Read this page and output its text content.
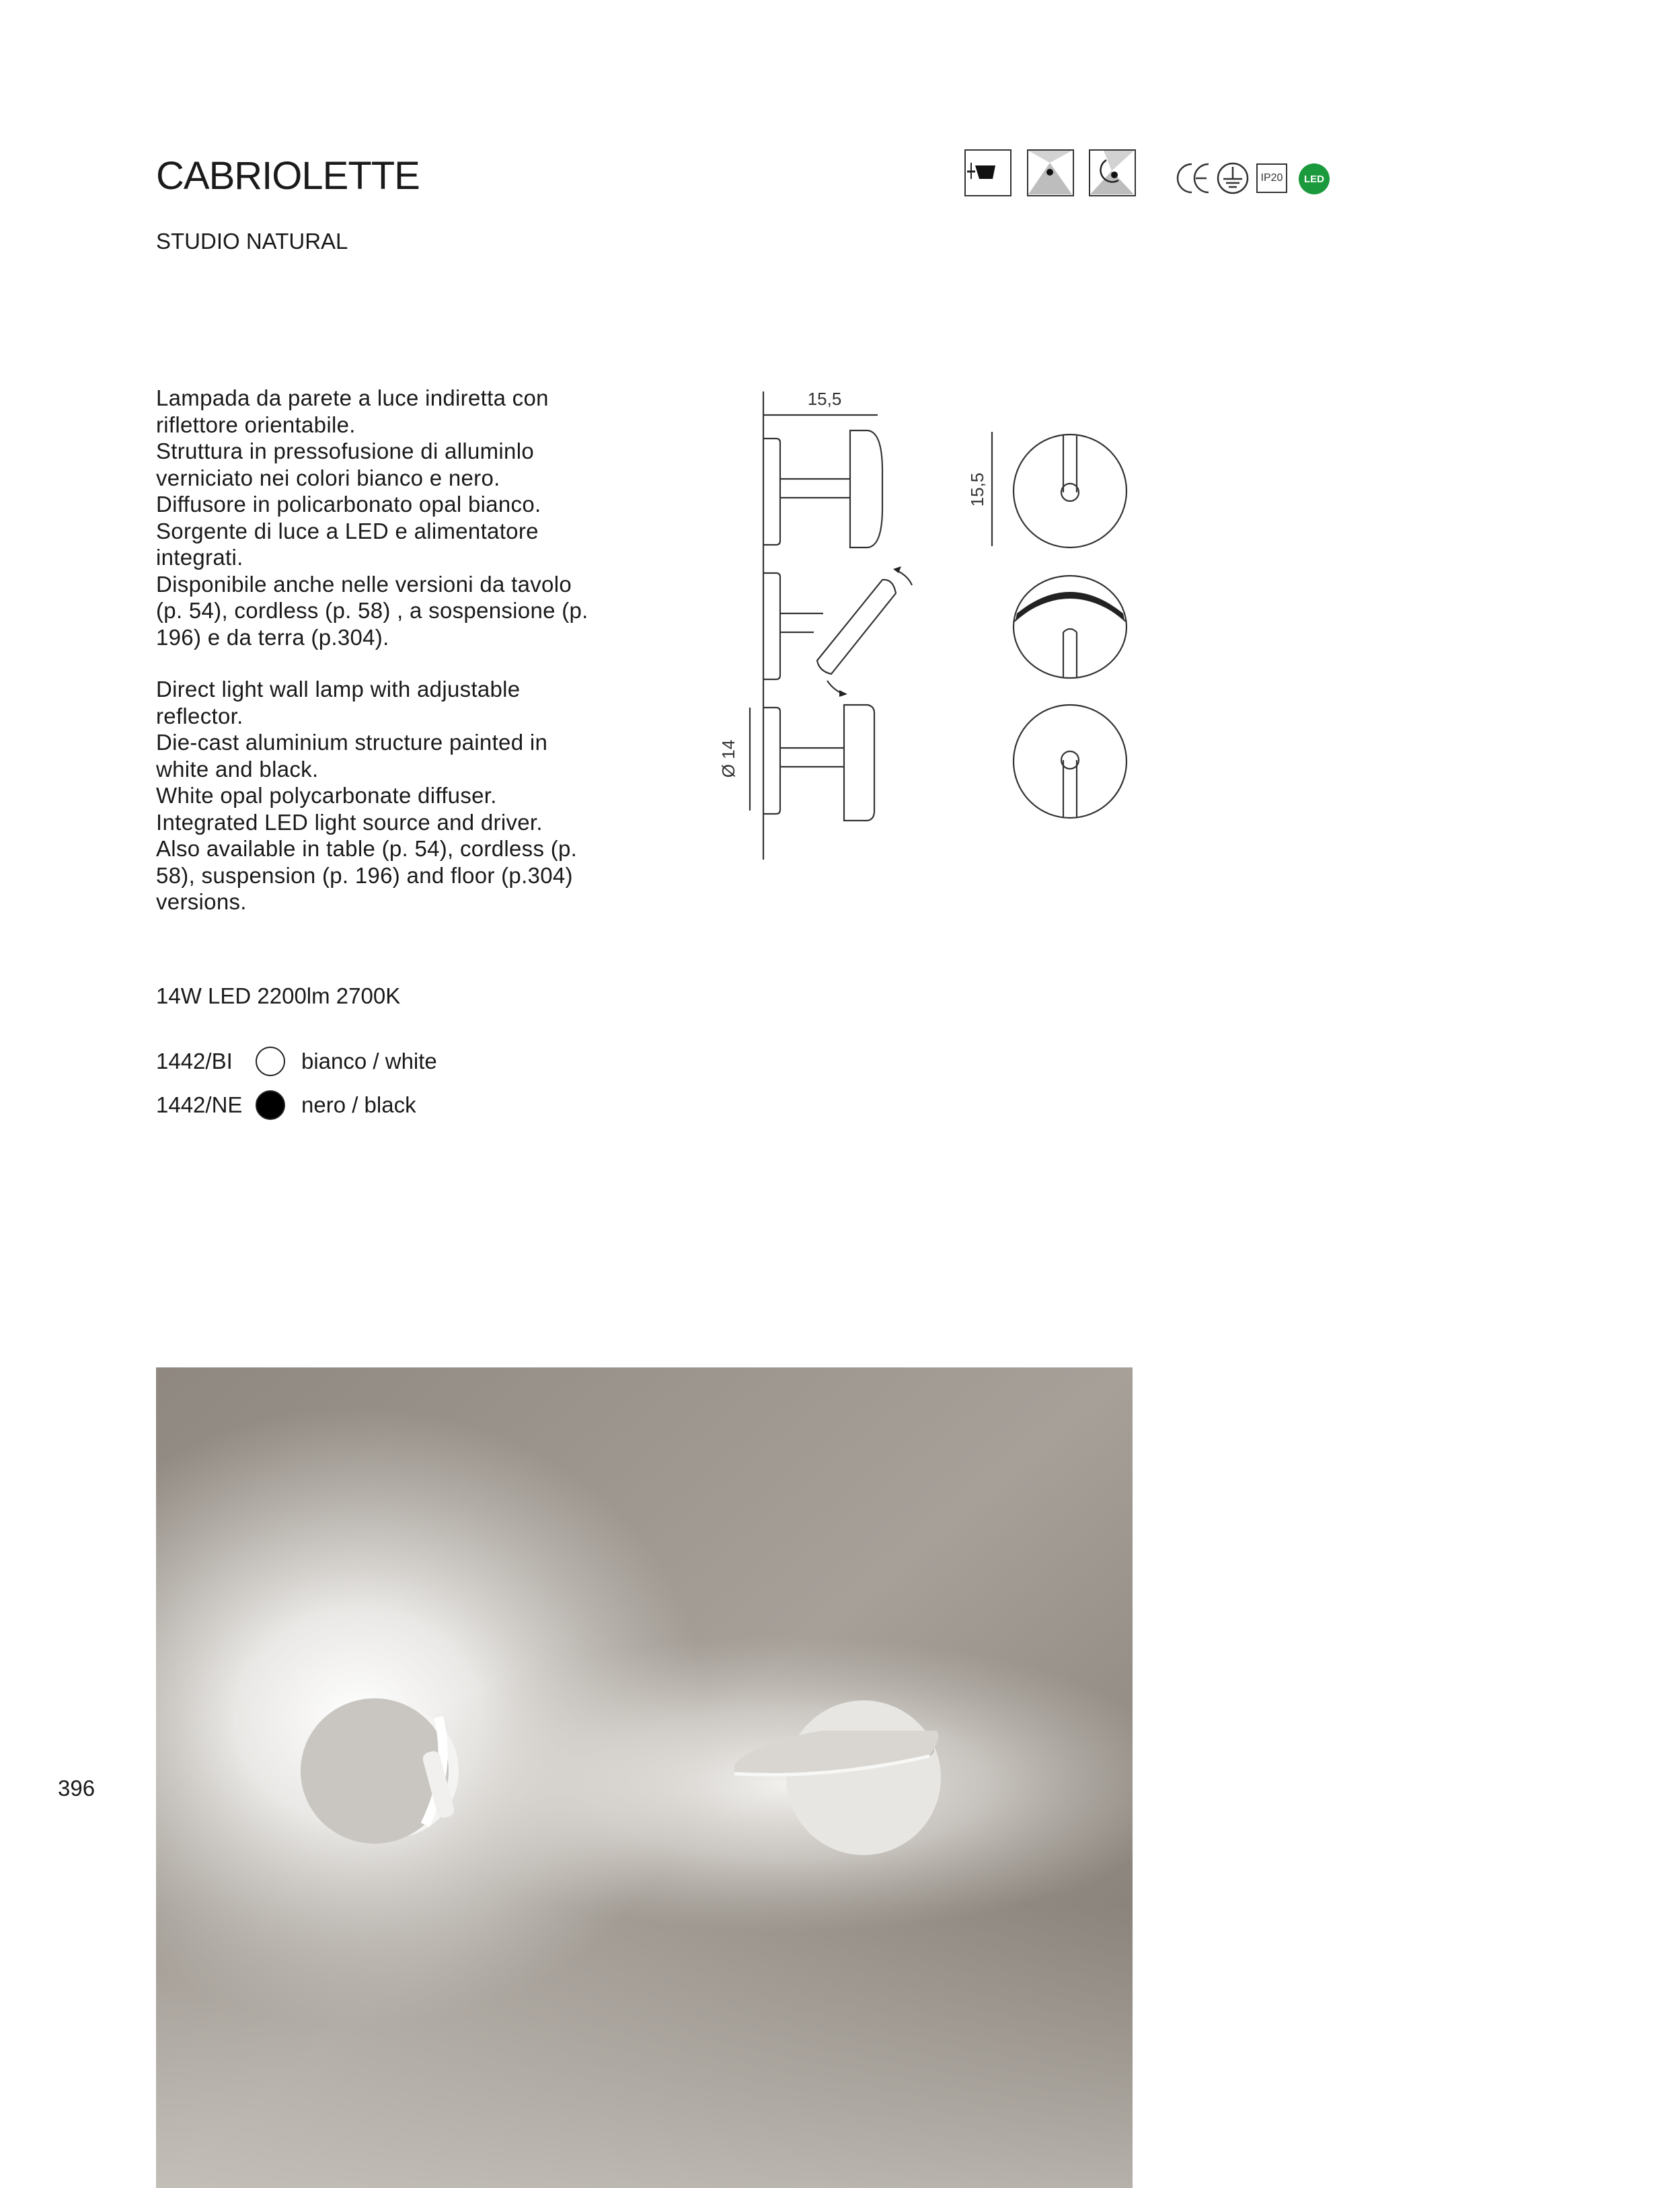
CABRIOLETTE
STUDIO NATURAL
IP20	LED
Lampada da parete a luce indiretta con
riflettore orientabile.
Struttura in pressofusione di alluminlo
verniciato nei colori bianco e nero.
Diffusore in policarbonato opal bianco.
Sorgente di luce a LED e alimentatore
integrati.
Disponibile anche nelle versioni da tavolo
(p. 54), cordless (p. 58) , a sospensione (p.
196) e da terra (p.304).
Direct light wall lamp with adjustable
reflector.
Die-cast aluminium structure painted in
white and black.
White opal polycarbonate diffuser.
Integrated LED light source and driver.
Also available in table (p. 54), cordless (p.
58), suspension (p. 196) and floor (p.304)
versions.
15,5
15,5
Ø 14
14W LED 2200lm 2700K
1442/BI	bianco / white
1442/NE	nero / black
396
